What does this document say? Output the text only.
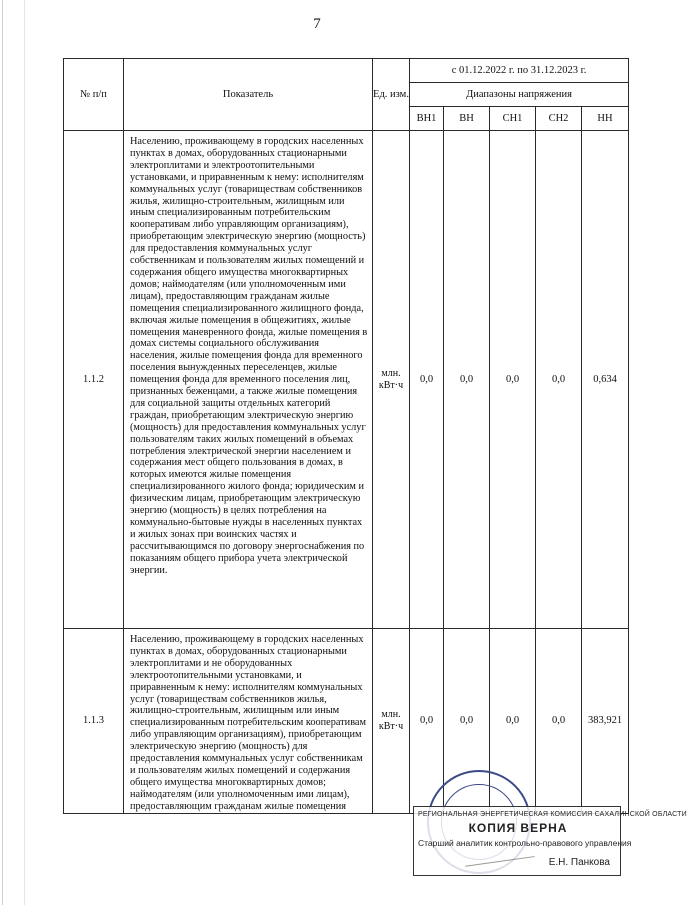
7
№ п/п	Показатель	Ед. изм.	с 01.12.2022 г. по 31.12.2023 г.				
			Диапазоны напряжения				
			ВН1	ВН	СН1	СН2	НН
1.1.2	Населению, проживающему в городских населенных пунктах в домах, оборудованных стационарными электроплитами и электроотопительными установками, и приравненным к нему: исполнителям коммунальных услуг (товариществам собственников жилья, жилищно-строительным, жилищным или иным специализированным потребительским кооперативам либо управляющим организациям), приобретающим электрическую энергию (мощность) для предоставления коммунальных услуг собственникам и пользователям жилых помещений и содержания общего имущества многоквартирных домов; наймодателям (или уполномоченным ими лицам), предоставляющим гражданам жилые помещения специализированного жилищного фонда, включая жилые помещения в общежитиях, жилые помещения маневренного фонда, жилые помещения в домах системы социального обслуживания населения, жилые помещения фонда для временного поселения вынужденных переселенцев, жилые помещения фонда для временного поселения лиц, признанных беженцами, а также жилые помещения для социальной защиты отдельных категорий граждан, приобретающим электрическую энергию (мощность) для предоставления коммунальных услуг пользователям таких жилых помещений в объемах потребления электрической энергии населением и содержания мест общего пользования в домах, в которых имеются жилые помещения специализированного жилого фонда; юридическим и физическим лицам, приобретающим электрическую энергию (мощность) в целях потребления на коммунально-бытовые нужды в населенных пунктах и жилых зонах при воинских частях и рассчитывающимся по договору энергоснабжения по показаниям общего прибора учета электрической энергии.	млн. кВт·ч	0,0	0,0	0,0	0,0	0,634
1.1.3	Населению, проживающему в городских населенных пунктах в домах, оборудованных стационарными электроплитами и не оборудованных электроотопительными установками, и приравненным к нему: исполнителям коммунальных услуг (товариществам собственников жилья, жилищно-строительным, жилищным или иным специализированным потребительским кооперативам либо управляющим организациям), приобретающим электрическую энергию (мощность) для предоставления коммунальных услуг собственникам и пользователям жилых помещений и содержания общего имущества многоквартирных домов; наймодателям (или уполномоченным ими лицам), предоставляющим гражданам жилые помещения	млн. кВт·ч	0,0	0,0	0,0	0,0	383,921
РЕГИОНАЛЬНАЯ ЭНЕРГЕТИЧЕСКАЯ КОМИССИЯ САХАЛИНСКОЙ ОБЛАСТИ
КОПИЯ ВЕРНА
Старший аналитик контрольно-правового управления
Е.Н. Панкова
